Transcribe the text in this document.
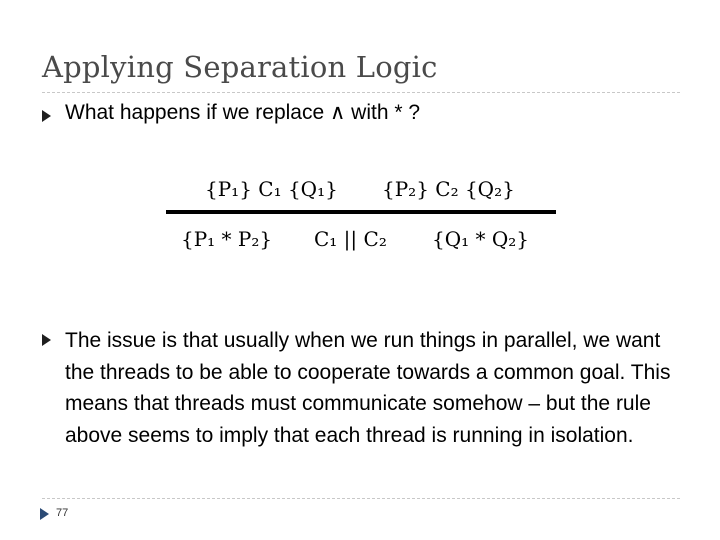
Applying Separation Logic
What happens if we replace ∧ with * ?
{P₁} C₁ {Q₁} {P₂} C₂ {Q₂}
{P₁ * P₂} C₁ || C₂ {Q₁ * Q₂}
The issue is that usually when we run things in parallel, we want the threads to be able to cooperate towards a common goal. This means that threads must communicate somehow – but the rule above seems to imply that each thread is running in isolation.
77
